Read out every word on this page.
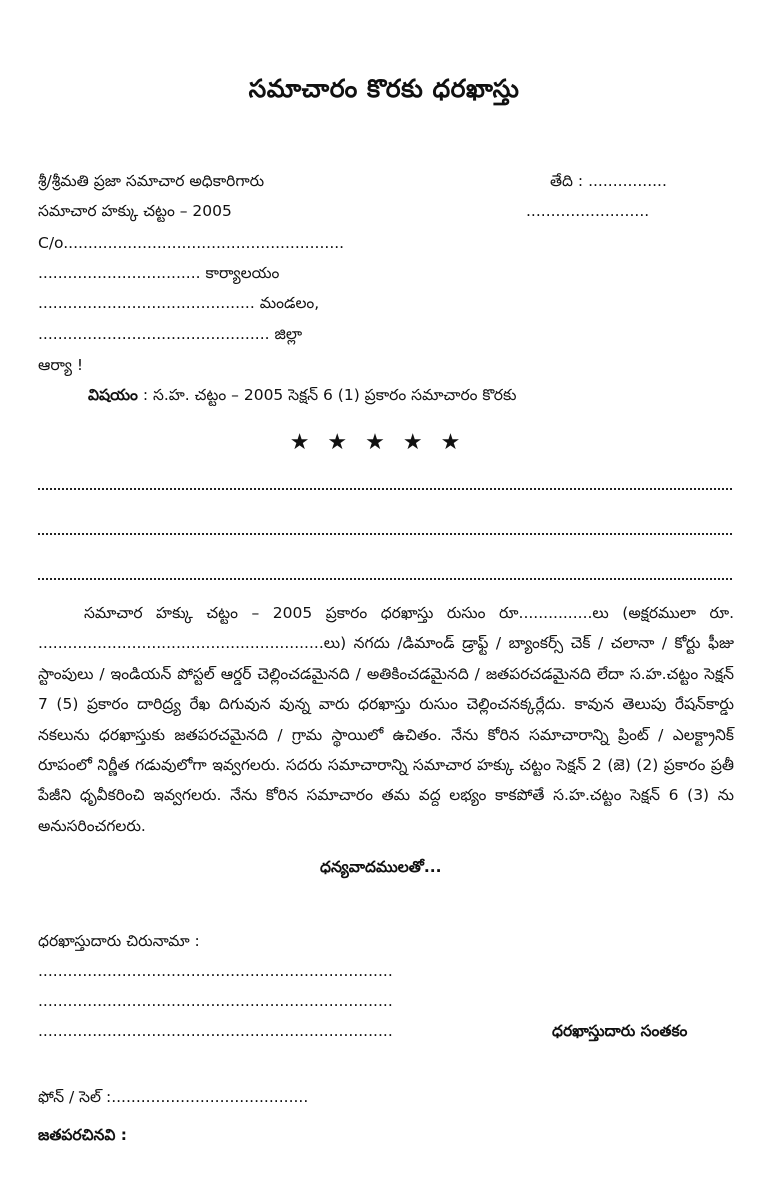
సమాచారం కొరకు ధరఖాస్తు
శ్రీ/శ్రీమతి ప్రజా సమాచార అధికారిగారు	తేది : ................
సమాచార హక్కు చట్టం – 2005	.........................
C/o.........................................................
................................. కార్యాలయం
............................................ మండలం,
............................................... జిల్లా
ఆర్యా !
విషయం : స.హ. చట్టం – 2005 సెక్షన్ 6 (1) ప్రకారం సమాచారం కొరకు
★★★★★
సమాచార హక్కు చట్టం – 2005 ప్రకారం ధరఖాస్తు రుసుం రూ...............లు (అక్షరములా రూ. ..........................................................లు) నగదు /డిమాండ్ డ్రాఫ్ట్ / బ్యాంకర్స్ చెక్ / చలానా / కోర్టు ఫీజు స్టాంపులు / ఇండియన్ పోస్టల్ ఆర్డర్ చెల్లించడమైనది / అతికించడమైనది / జతపరచడమైనది లేదా స.హ.చట్టం సెక్షన్ 7 (5) ప్రకారం దారిద్ర్య రేఖ దిగువున వున్న వారు ధరఖాస్తు రుసుం చెల్లించనక్కర్లేదు. కావున తెలుపు రేషన్‌కార్డు నకలును ధరఖాస్తుకు జతపరచమైనది / గ్రామ స్థాయిలో ఉచితం. నేను కోరిన సమాచారాన్ని ప్రింట్ / ఎలక్ట్రానిక్ రూపంలో నిర్ణీత గడువులోగా ఇవ్వగలరు. సదరు సమాచారాన్ని సమాచార హక్కు చట్టం సెక్షన్ 2 (జె) (2) ప్రకారం ప్రతీ పేజీని ధృవీకరించి ఇవ్వగలరు. నేను కోరిన సమాచారం తమ వద్ద లభ్యం కాకపోతే స.హ.చట్టం సెక్షన్ 6 (3) ను అనుసరించగలరు.
ధన్యవాదములతో...
ధరఖాస్తుదారు చిరునామా :
........................................................................
........................................................................
........................................................................	ధరఖాస్తుదారు సంతకం
ఫోన్ / సెల్ :........................................
జతపరచినవి :
